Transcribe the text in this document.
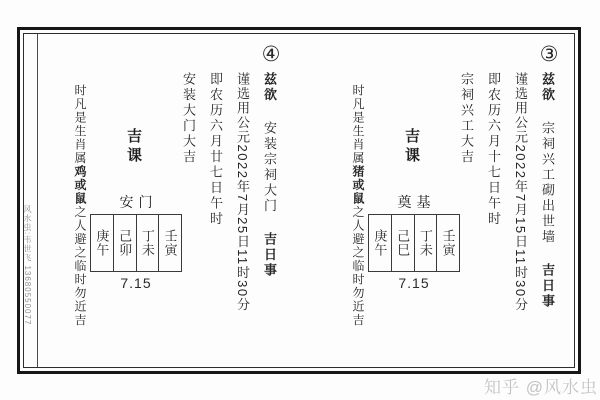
风水虫:韦世飞 13680550077
③
兹欲 宗祠兴工砌出世墙 吉日事
谨选用公元2022年7月15日11时30分
即农历六月十七日午时
宗祠兴工大吉
吉课
时凡是生肖属猪或鼠之人避之临时勿近吉
奠基
庚午	己巳	丁未	壬寅
7.15
④
兹欲 安装宗祠大门 吉日事
谨选用公元2022年7月25日11时30分
即农历六月廿七日午时
安装大门大吉
吉课
时凡是生肖属鸡或鼠之人避之临时勿近吉
安门
庚午	己卯	丁未	壬寅
7.15
知乎 @风水虫
